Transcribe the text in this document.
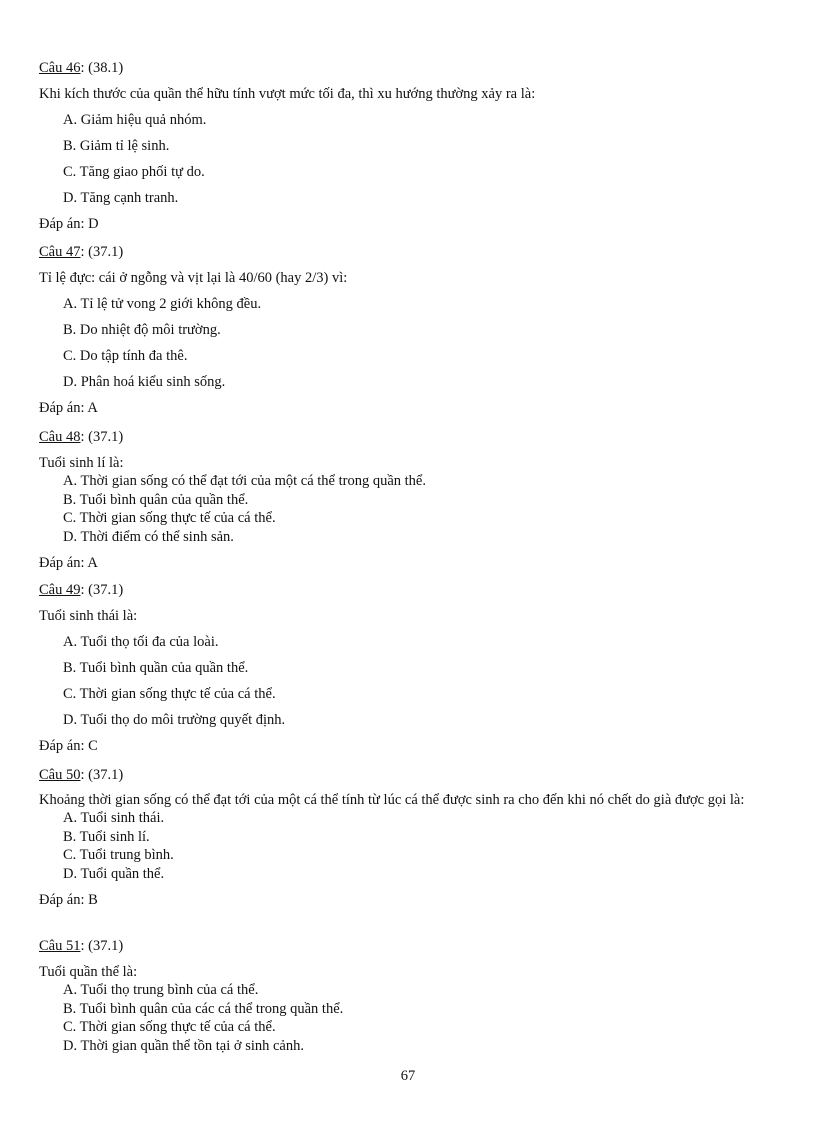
Câu 46: (38.1)
Khi kích thước của quần thể hữu tính vượt mức tối đa, thì xu hướng thường xảy ra là:
A. Giảm hiệu quả nhóm.
B. Giảm tỉ lệ sinh.
C. Tăng giao phối tự do.
D. Tăng cạnh tranh.
Đáp án: D
Câu 47: (37.1)
Tỉ lệ đực: cái ở ngỗng và vịt lại là 40/60 (hay 2/3) vì:
A. Tỉ lệ tử vong 2 giới không đều.
B. Do nhiệt độ môi trường.
C. Do tập tính đa thê.
D. Phân hoá kiểu sinh sống.
Đáp án: A
Câu 48: (37.1)
Tuổi sinh lí là:
A. Thời gian sống có thể đạt tới của một cá thể trong quần thể.
B. Tuổi bình quân của quần thể.
C. Thời gian sống thực tế của cá thể.
D. Thời điểm có thể sinh sản.
Đáp án: A
Câu 49: (37.1)
Tuổi sinh thái là:
A. Tuổi thọ tối đa của loài.
B. Tuổi bình quần của quần thể.
C. Thời gian sống thực tế của cá thể.
D. Tuổi thọ do môi trường quyết định.
Đáp án: C
Câu 50: (37.1)
Khoảng thời gian sống có thể đạt tới của một cá thể tính từ lúc cá thể được sinh ra cho đến khi nó chết do già được gọi là:
A. Tuổi sinh thái.
B. Tuổi sinh lí.
C. Tuổi trung bình.
D. Tuổi quần thể.
Đáp án: B
Câu 51: (37.1)
Tuổi quần thể là:
A. Tuổi thọ trung bình của cá thể.
B. Tuổi bình quân của các cá thể trong quần thể.
C. Thời gian sống thực tế của cá thể.
D. Thời gian quần thể tồn tại ở sinh cảnh.
67
